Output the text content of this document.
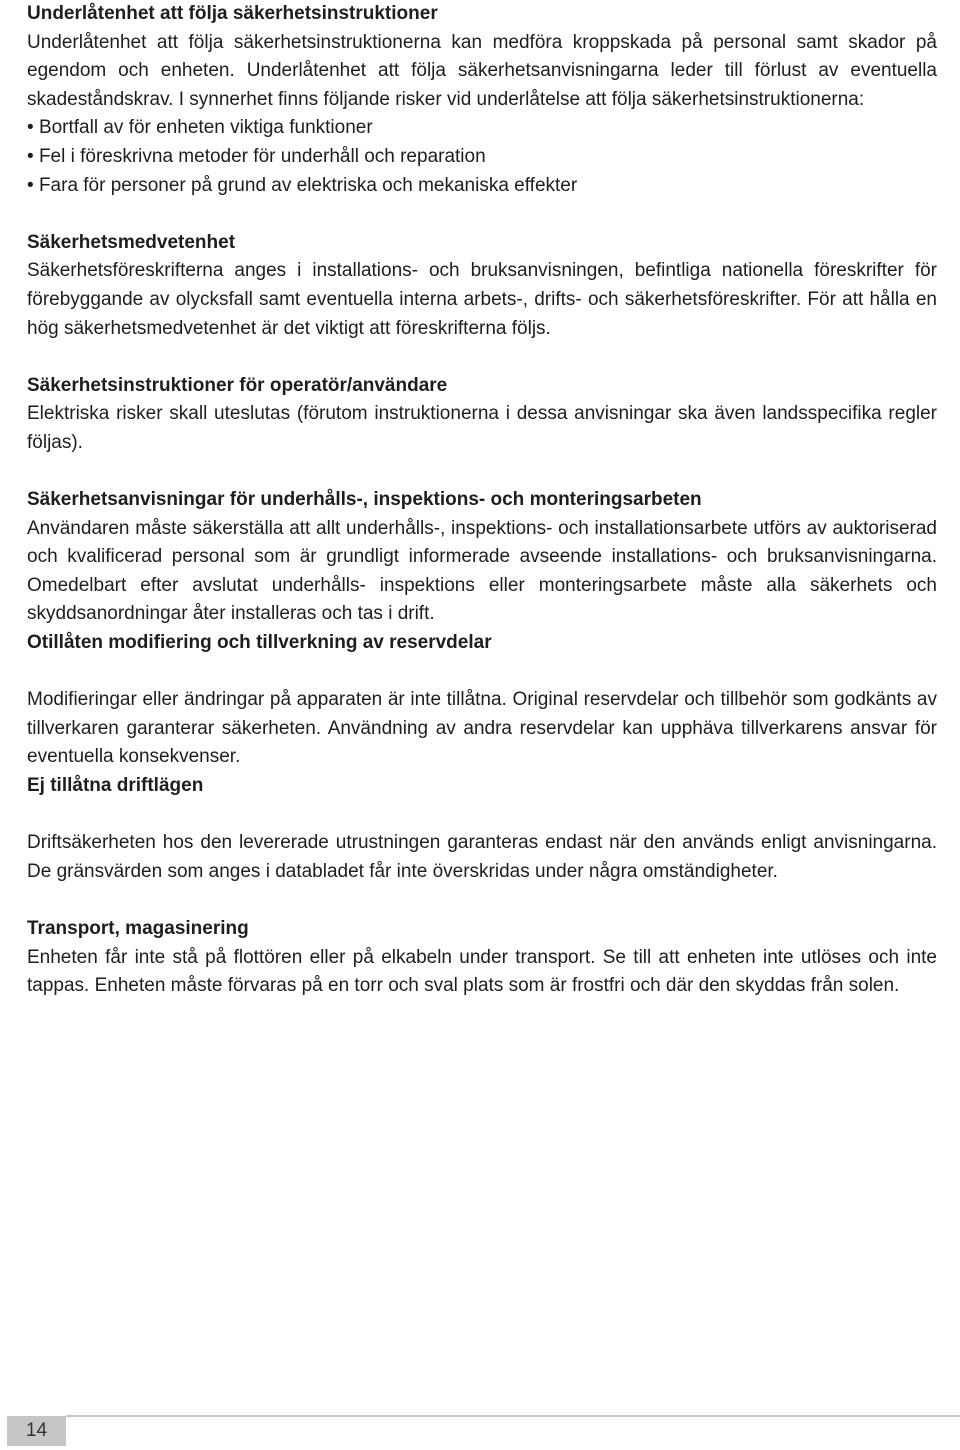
Underlåtenhet att följa säkerhetsinstruktioner

Underlåtenhet att följa säkerhetsinstruktionerna kan medföra kroppskada på personal samt skador på egendom och enheten. Underlåtenhet att följa säkerhetsanvisningarna leder till förlust av eventuella skadeståndskrav. I synnerhet finns följande risker vid underlåtelse att följa säkerhetsinstruktionerna:

• Bortfall av för enheten viktiga funktioner
• Fel i föreskrivna metoder för underhåll och reparation
• Fara för personer på grund av elektriska och mekaniska effekter
Säkerhetsmedvetenhet

Säkerhetsföreskrifterna anges i installations- och bruksanvisningen, befintliga nationella föreskrifter för förebyggande av olycksfall samt eventuella interna arbets-, drifts- och säkerhetsföreskrifter. För att hålla en hög säkerhetsmedvetenhet är det viktigt att föreskrifterna följs.

Säkerhetsinstruktioner för operatör/användare

Elektriska risker skall uteslutas (förutom instruktionerna i dessa anvisningar ska även landsspecifika regler följas).

Säkerhetsanvisningar för underhålls-, inspektions- och monteringsarbeten

Användaren måste säkerställa att allt underhålls-, inspektions- och installationsarbete utförs av auktoriserad och kvalificerad personal som är grundligt informerade avseende installations- och bruksanvisningarna. Omedelbart efter avslutat underhålls- inspektions eller monteringsarbete måste alla säkerhets och skyddsanordningar åter installeras och tas i drift.

Otillåten modifiering och tillverkning av reservdelar

Modifieringar eller ändringar på apparaten är inte tillåtna. Original reservdelar och tillbehör som godkänts av tillverkaren garanterar säkerheten. Användning av andra reservdelar kan upphäva tillverkarens ansvar för eventuella konsekvenser.

Ej tillåtna driftlägen

Driftsäkerheten hos den levererade utrustningen garanteras endast när den används enligt anvisningarna. De gränsvärden som anges i databladet får inte överskridas under några omständigheter.

Transport, magasinering

Enheten får inte stå på flottören eller på elkabeln under transport. Se till att enheten inte utlöses och inte tappas. Enheten måste förvaras på en torr och sval plats som är frostfri och där den skyddas från solen.

14
